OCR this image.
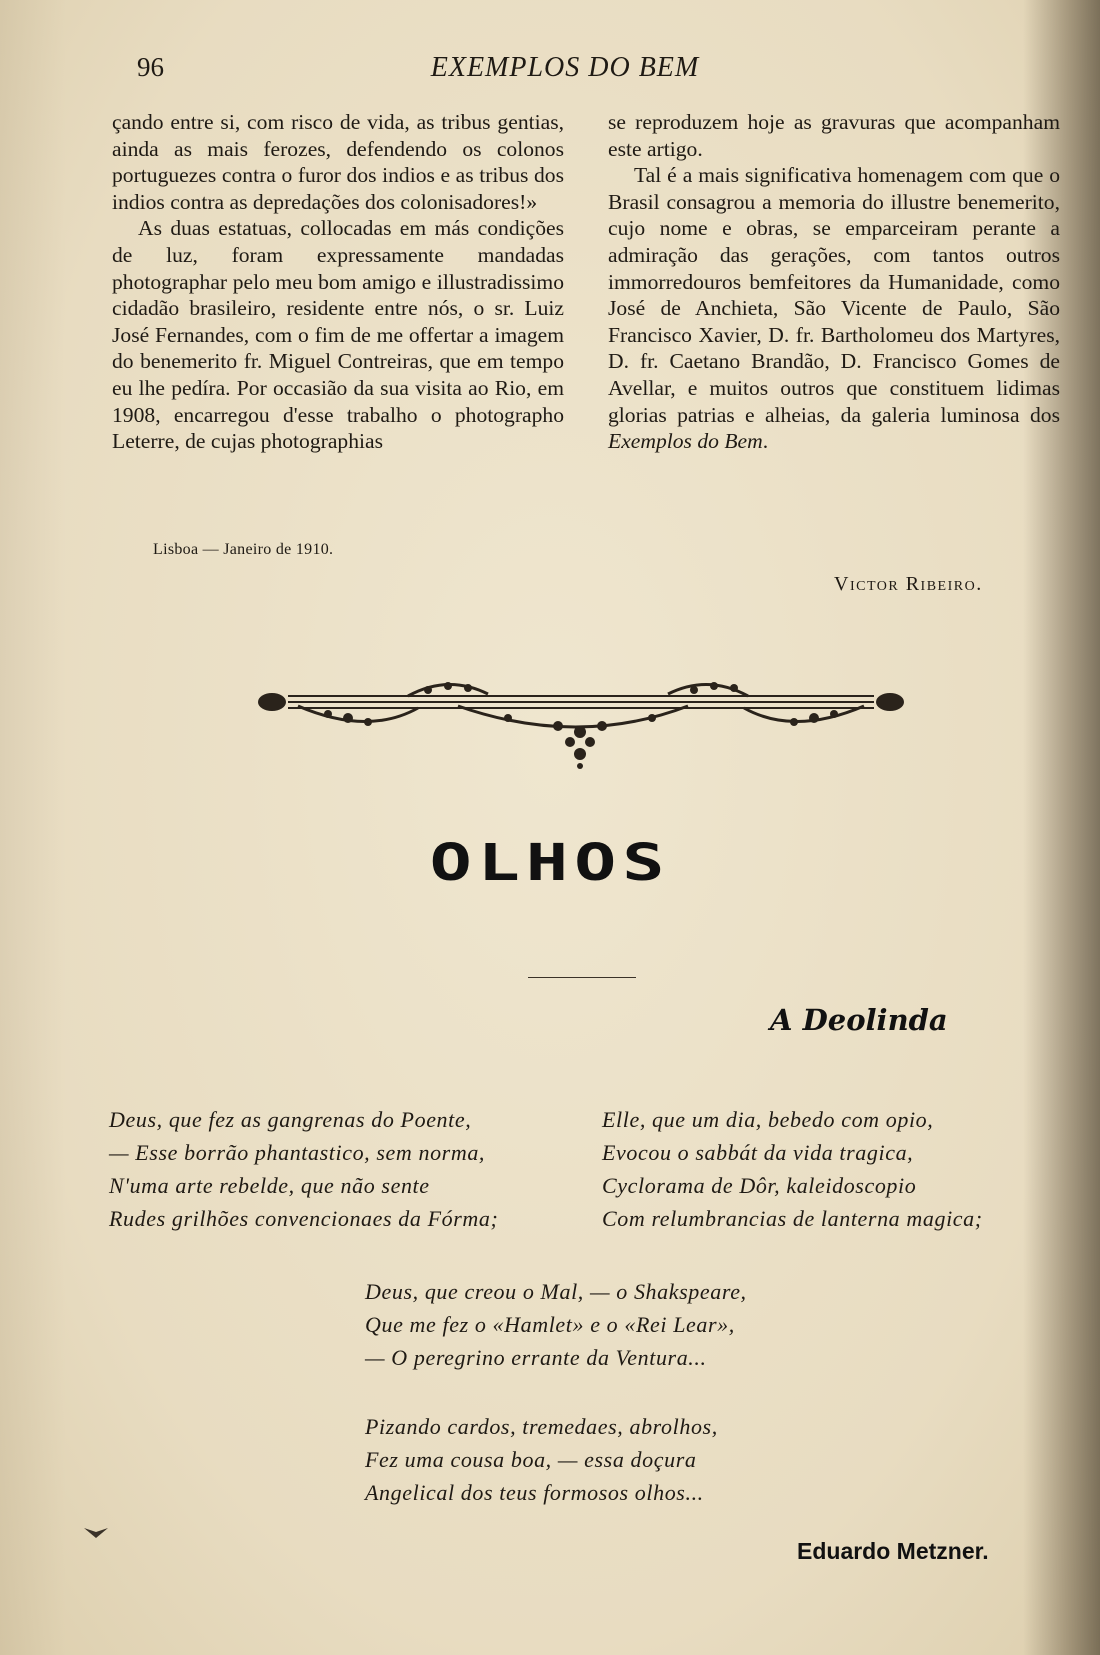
96	EXEMPLOS DO BEM

çando entre si, com risco de vida, as tribus gentias, ainda as mais ferozes, defendendo os colonos portuguezes contra o furor dos indios e as tribus dos indios contra as depredações dos colonisadores!»

As duas estatuas, collocadas em más condições de luz, foram expressamente mandadas photographar pelo meu bom amigo e illustradissimo cidadão brasileiro, residente entre nós, o sr. Luiz José Fernandes, com o fim de me offertar a imagem do benemerito fr. Miguel Contreiras, que em tempo eu lhe pedíra. Por occasião da sua visita ao Rio, em 1908, encarregou d'esse trabalho o photographo Leterre, de cujas photographias

se reproduzem hoje as gravuras que acompanham este artigo.

Tal é a mais significativa homenagem com que o Brasil consagrou a memoria do illustre benemerito, cujo nome e obras, se emparceiram perante a admiração das gerações, com tantos outros immorredouros bemfeitores da Humanidade, como José de Anchieta, São Vicente de Paulo, São Francisco Xavier, D. fr. Bartholomeu dos Martyres, D. fr. Caetano Brandão, D. Francisco Gomes de Avellar, e muitos outros que constituem lidimas glorias patrias e alheias, da galeria luminosa dos Exemplos do Bem.

Lisboa — Janeiro de 1910.
Victor Ribeiro.
OLHOS
A Deolinda
Deus, que fez as gangrenas do Poente,
— Esse borrão phantastico, sem norma,
N'uma arte rebelde, que não sente
Rudes grilhões convencionaes da Fórma;
Elle, que um dia, bebedo com opio,
Evocou o sabbát da vida tragica,
Cyclorama de Dôr, kaleidoscopio
Com relumbrancias de lanterna magica;
Deus, que creou o Mal, — o Shakspeare,
Que me fez o «Hamlet» e o «Rei Lear»,
— O peregrino errante da Ventura...
Pizando cardos, tremedaes, abrolhos,
Fez uma cousa boa, — essa doçura
Angelical dos teus formosos olhos...
Eduardo Metzner.
